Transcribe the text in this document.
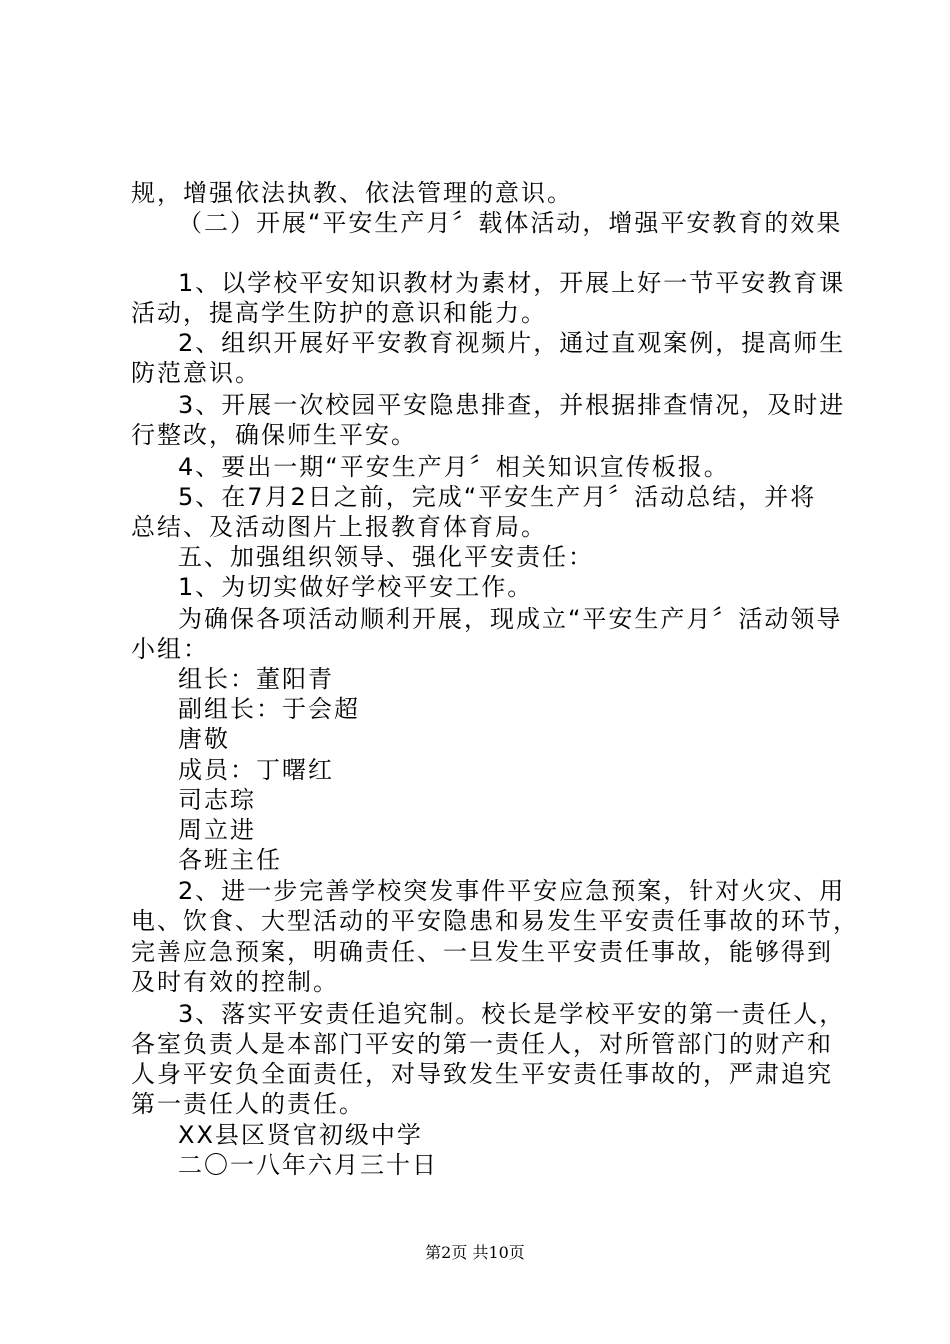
规，增强依法执教、依法管理的意识。
（二）开展“平安生产月〞载体活动，增强平安教育的效果
1、以学校平安知识教材为素材，开展上好一节平安教育课
活动，提高学生防护的意识和能力。
2、组织开展好平安教育视频片，通过直观案例，提高师生
防范意识。
3、开展一次校园平安隐患排查，并根据排查情况，及时进
行整改，确保师生平安。
4、要出一期“平安生产月〞相关知识宣传板报。
5、在7月2日之前，完成“平安生产月〞活动总结，并将
总结、及活动图片上报教育体育局。
五、加强组织领导、强化平安责任：
1、为切实做好学校平安工作。
为确保各项活动顺利开展，现成立“平安生产月〞活动领导
小组：
组长：董阳青
副组长：于会超
唐敬
成员：丁曙红
司志琮
周立进
各班主任
2、进一步完善学校突发事件平安应急预案，针对火灾、用
电、饮食、大型活动的平安隐患和易发生平安责任事故的环节，
完善应急预案，明确责任、一旦发生平安责任事故，能够得到
及时有效的控制。
3、落实平安责任追究制。校长是学校平安的第一责任人，
各室负责人是本部门平安的第一责任人，对所管部门的财产和
人身平安负全面责任，对导致发生平安责任事故的，严肃追究
第一责任人的责任。
XX县区贤官初级中学
二〇一八年六月三十日
第2页 共10页
